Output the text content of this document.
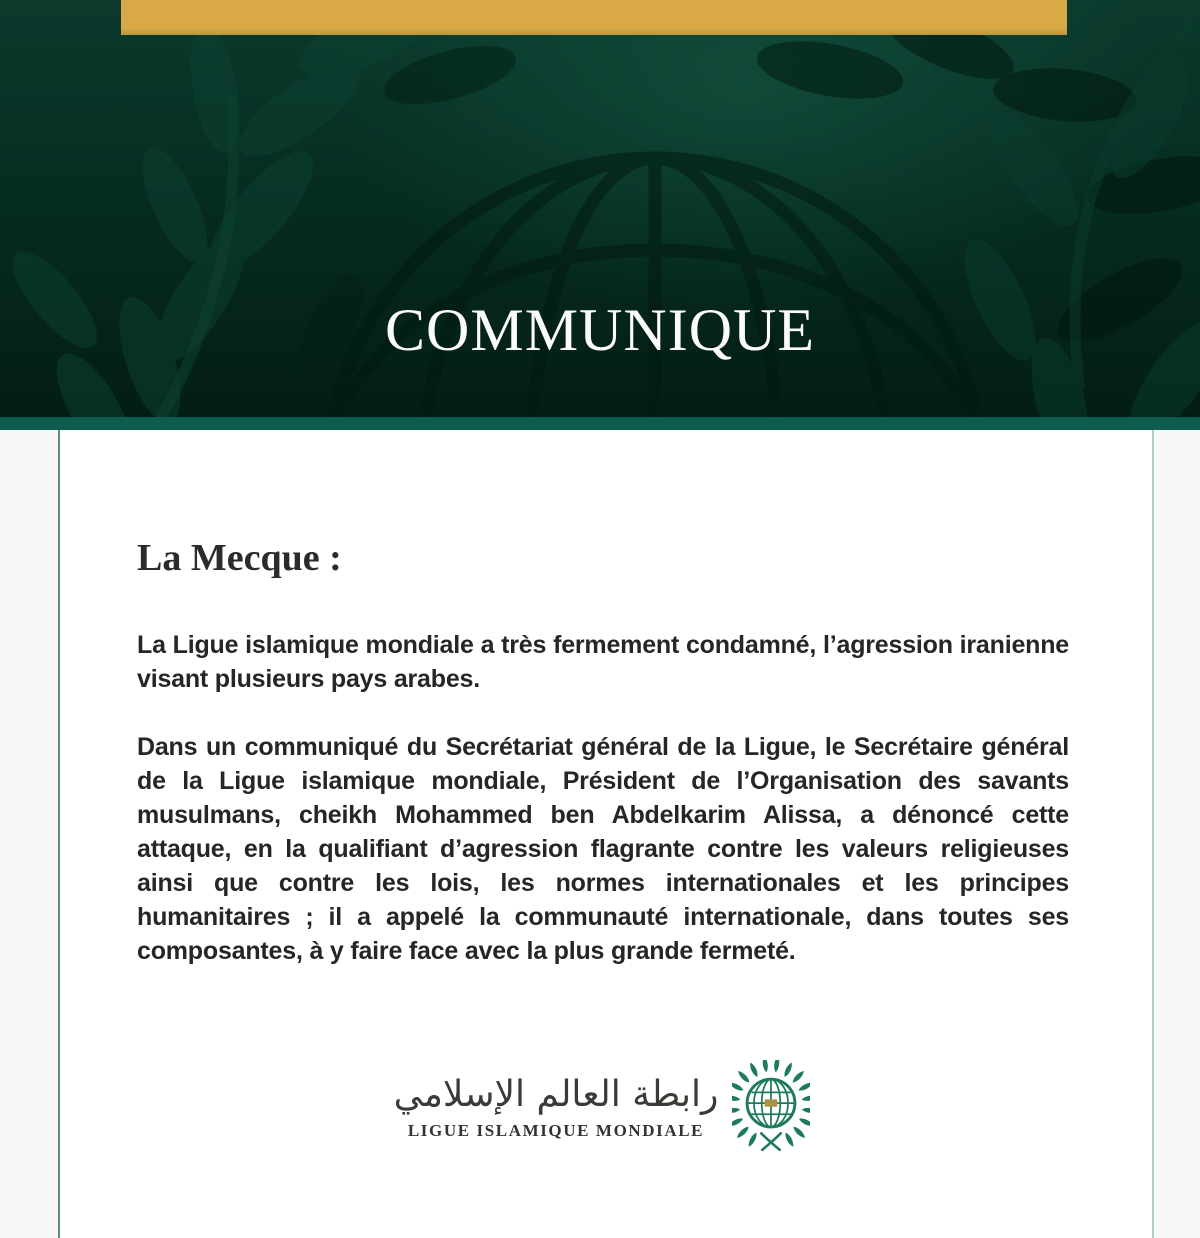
COMMUNIQUE
La Mecque :

La Ligue islamique mondiale a très fermement condamné, l’agression iranienne visant plusieurs pays arabes.

Dans un communiqué du Secrétariat général de la Ligue, le Secrétaire général de la Ligue islamique mondiale, Président de l’Organisation des savants musulmans, cheikh Mohammed ben Abdelkarim Alissa, a dénoncé cette attaque, en la qualifiant d’agression flagrante contre les valeurs religieuses ainsi que contre les lois, les normes internationales et les principes humanitaires ; il a appelé la communauté internationale, dans toutes ses composantes, à y faire face avec la plus grande fermeté.

رابطة العالم الإسلامي
LIGUE ISLAMIQUE MONDIALE
